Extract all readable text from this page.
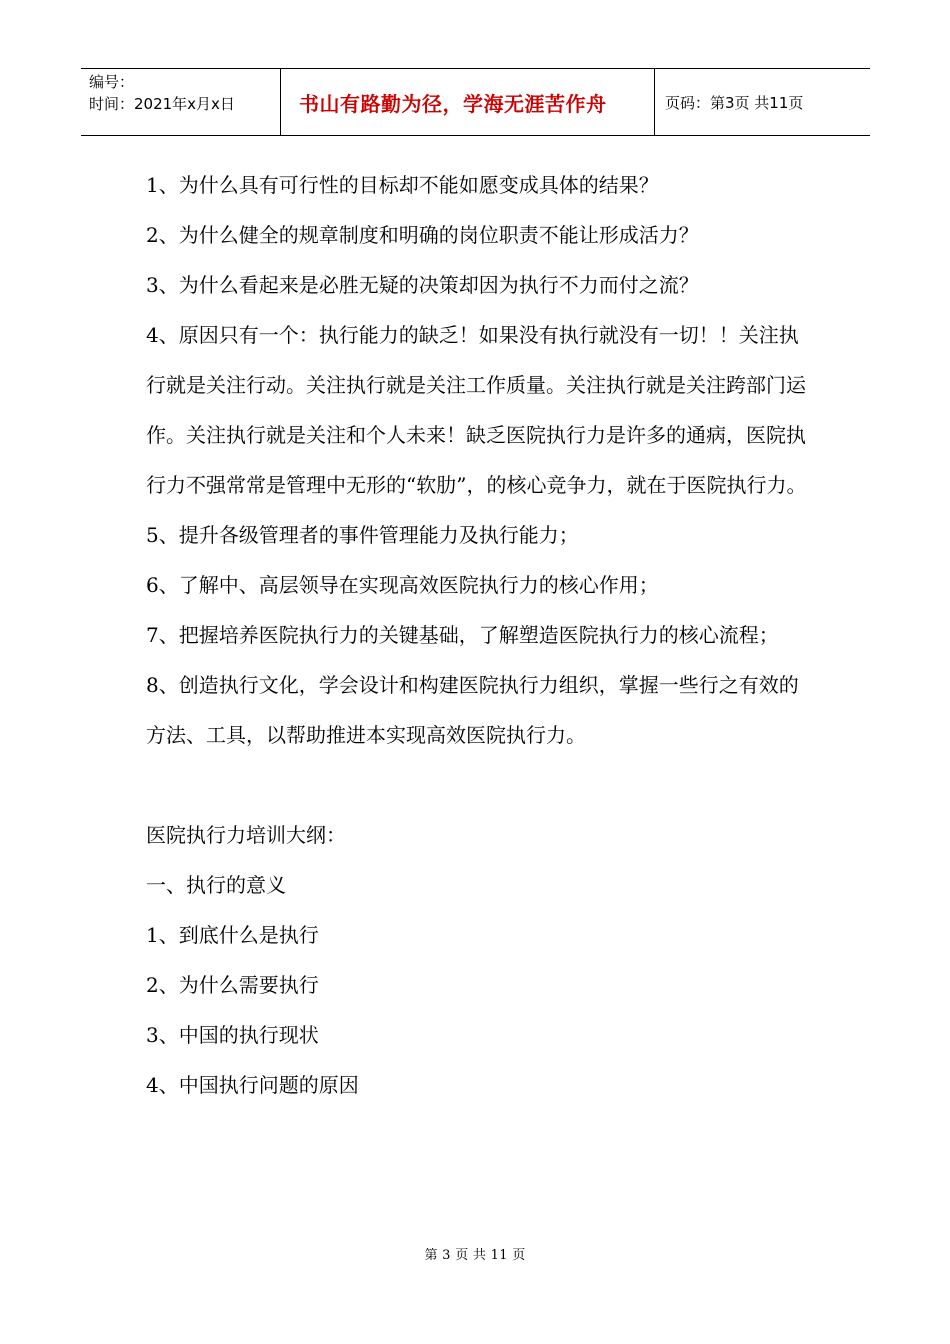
编号：
时间：2021年x月x日	书山有路勤为径，学海无涯苦作舟	页码：第3页 共11页

1、为什么具有可行性的目标却不能如愿变成具体的结果？

2、为什么健全的规章制度和明确的岗位职责不能让形成活力？

3、为什么看起来是必胜无疑的决策却因为执行不力而付之流？

4、原因只有一个：执行能力的缺乏！如果没有执行就没有一切！！关注执行就是关注行动。关注执行就是关注工作质量。关注执行就是关注跨部门运作。关注执行就是关注和个人未来！缺乏医院执行力是许多的通病，医院执行力不强常常是管理中无形的“软肋”，的核心竞争力，就在于医院执行力。

5、提升各级管理者的事件管理能力及执行能力；

6、了解中、高层领导在实现高效医院执行力的核心作用；

7、把握培养医院执行力的关键基础，了解塑造医院执行力的核心流程；

8、创造执行文化，学会设计和构建医院执行力组织，掌握一些行之有效的方法、工具，以帮助推进本实现高效医院执行力。

医院执行力培训大纲：

一、执行的意义

1、到底什么是执行

2、为什么需要执行

3、中国的执行现状

4、中国执行问题的原因

第 3 页 共 11 页
